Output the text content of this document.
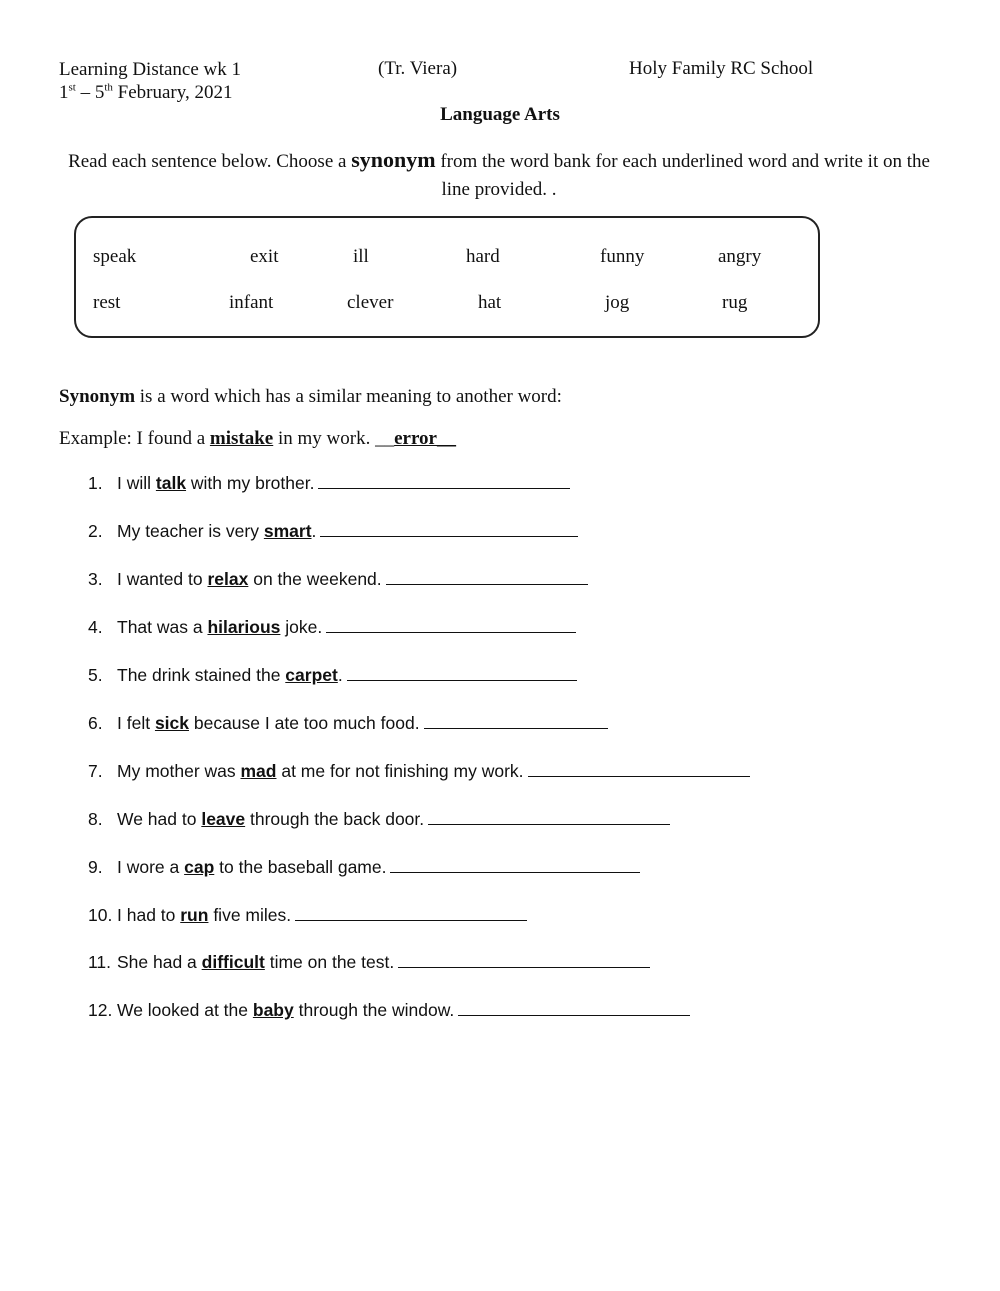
Learning Distance wk 1
1st – 5th February, 2021
(Tr. Viera)	Holy Family RC School
Language Arts
Read each sentence below. Choose a synonym from the word bank for each underlined word and write it on the line provided. .
speak	exit	ill	hard	funny	angry
rest	infant	clever	hat	jog	rug
Synonym is a word which has a similar meaning to another word:
Example: I found a mistake in my work. __error__
1. I will talk with my brother.
2. My teacher is very smart.
3. I wanted to relax on the weekend.
4. That was a hilarious joke.
5. The drink stained the carpet.
6. I felt sick because I ate too much food.
7. My mother was mad at me for not finishing my work.
8. We had to leave through the back door.
9. I wore a cap to the baseball game.
10. I had to run five miles.
11. She had a difficult time on the test.
12. We looked at the baby through the window.
